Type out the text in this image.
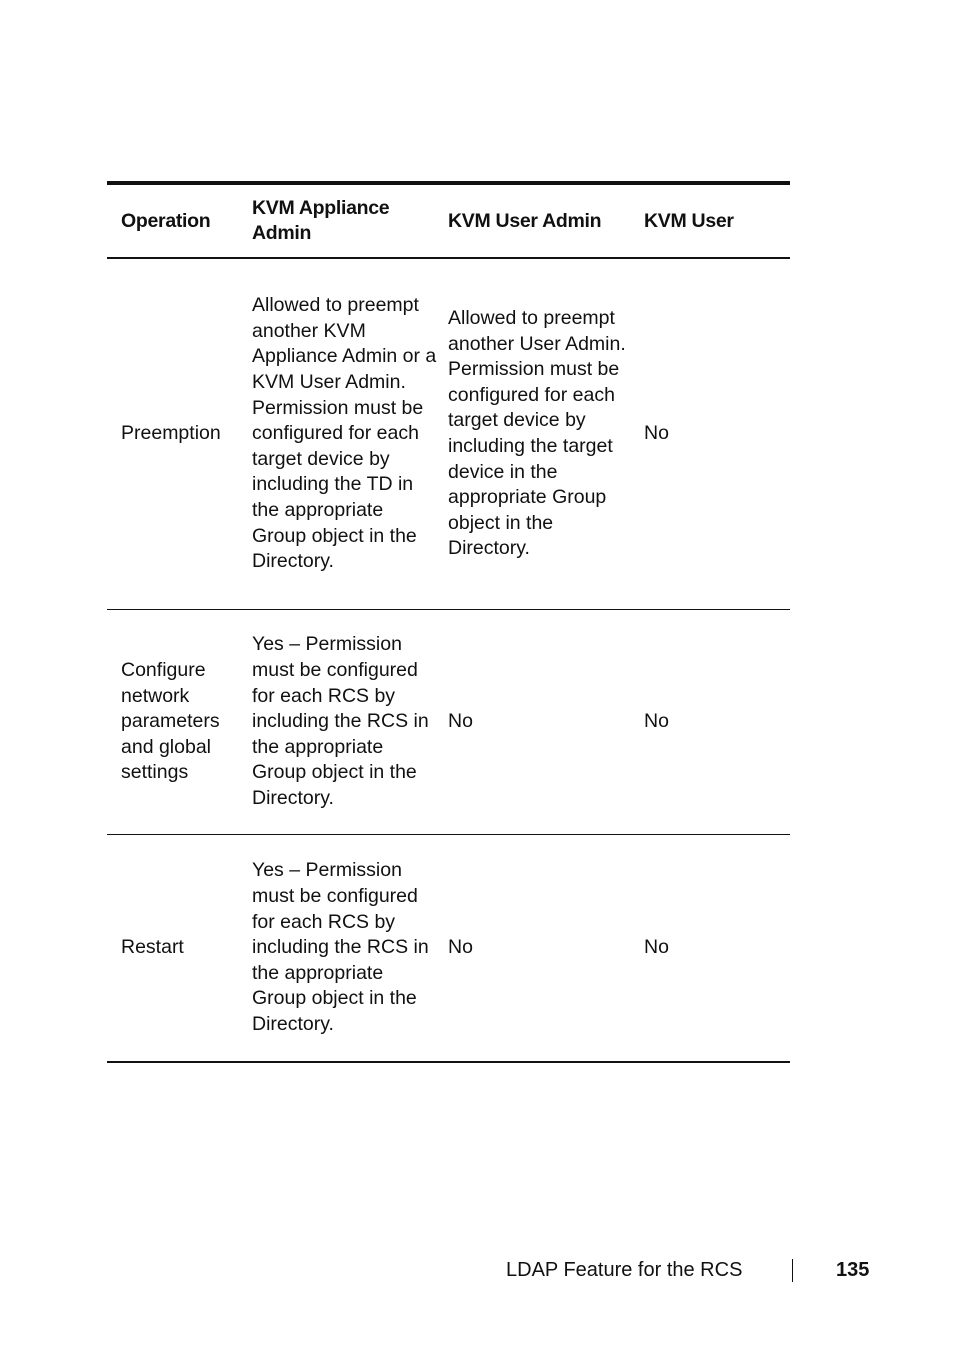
Operation	KVM Appliance Admin	KVM User Admin	KVM User
Preemption	Allowed to preempt another KVM Appliance Admin or a KVM User Admin. Permission must be configured for each target device by including the TD in the appropriate Group object in the Directory.	Allowed to preempt another User Admin. Permission must be configured for each target device by including the target device in the appropriate Group object in the Directory.	No
Configure network parameters and global settings	Yes – Permission must be configured for each RCS by including the RCS in the appropriate Group object in the Directory.	No	No
Restart	Yes – Permission must be configured for each RCS by including the RCS in the appropriate Group object in the Directory.	No	No
LDAP Feature for the RCS	135
